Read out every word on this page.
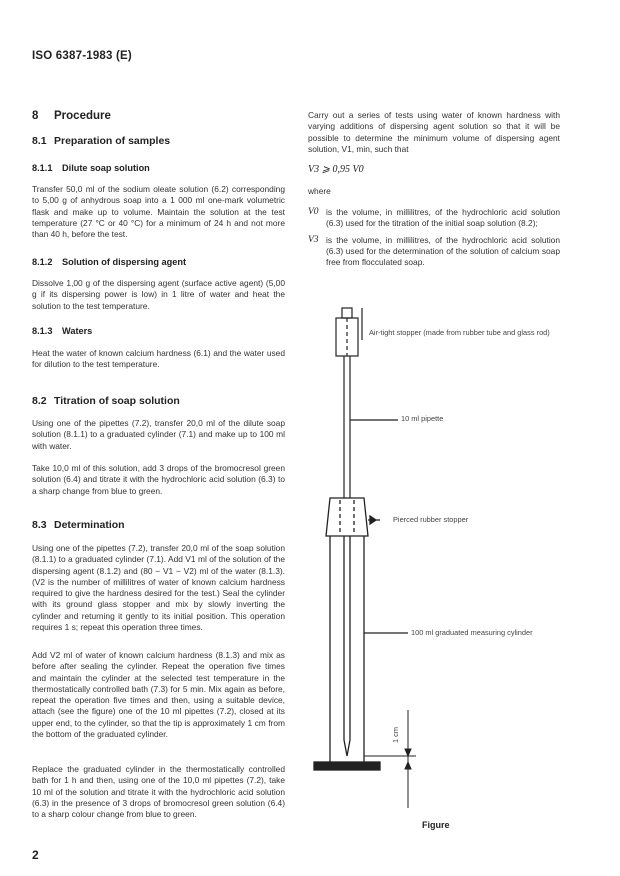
ISO 6387-1983 (E)
8 Procedure
8.1 Preparation of samples
8.1.1 Dilute soap solution
Transfer 50,0 ml of the sodium oleate solution (6.2) corresponding to 5,00 g of anhydrous soap into a 1 000 ml one-mark volumetric flask and make up to volume. Maintain the solution at the test temperature (27 °C or 40 °C) for a minimum of 24 h and not more than 40 h, before the test.
8.1.2 Solution of dispersing agent
Dissolve 1,00 g of the dispersing agent (surface active agent) (5,00 g if its dispersing power is low) in 1 litre of water and heat the solution to the test temperature.
8.1.3 Waters
Heat the water of known calcium hardness (6.1) and the water used for dilution to the test temperature.
8.2 Titration of soap solution
Using one of the pipettes (7.2), transfer 20,0 ml of the dilute soap solution (8.1.1) to a graduated cylinder (7.1) and make up to 100 ml with water.
Take 10,0 ml of this solution, add 3 drops of the bromocresol green solution (6.4) and titrate it with the hydrochloric acid solution (6.3) to a sharp change from blue to green.
8.3 Determination
Using one of the pipettes (7.2), transfer 20,0 ml of the soap solution (8.1.1) to a graduated cylinder (7.1). Add V1 ml of the solution of the dispersing agent (8.1.2) and (80 − V1 − V2) ml of the water (8.1.3). (V2 is the number of millilitres of water of known calcium hardness required to give the hardness desired for the test.) Seal the cylinder with its ground glass stopper and mix by slowly inverting the cylinder and returning it gently to its initial position. This operation requires 1 s; repeat this operation three times.
Add V2 ml of water of known calcium hardness (8.1.3) and mix as before after sealing the cylinder. Repeat the operation five times and maintain the cylinder at the selected test temperature in the thermostatically controlled bath (7.3) for 5 min. Mix again as before, repeat the operation five times and then, using a suitable device, attach (see the figure) one of the 10 ml pipettes (7.2), closed at its upper end, to the cylinder, so that the tip is approximately 1 cm from the bottom of the graduated cylinder.
Replace the graduated cylinder in the thermostatically controlled bath for 1 h and then, using one of the 10,0 ml pipettes (7.2), take 10 ml of the solution and titrate it with the hydrochloric acid solution (6.3) in the presence of 3 drops of bromocresol green solution (6.4) to a sharp colour change from blue to green.
Carry out a series of tests using water of known hardness with varying additions of dispersing agent solution so that it will be possible to determine the minimum volume of dispersing agent solution, V1, min, such that
V3 ⩾ 0,95 V0
where
V0 is the volume, in millilitres, of the hydrochloric acid solution (6.3) used for the titration of the initial soap solution (8.2);
V3 is the volume, in millilitres, of the hydrochloric acid solution (6.3) used for the determination of the solution of calcium soap free from flocculated soap.
Air-tight stopper (made from rubber tube and glass rod)
10 ml pipette
Pierced rubber stopper
100 ml graduated measuring cylinder
1 cm
Figure
2
